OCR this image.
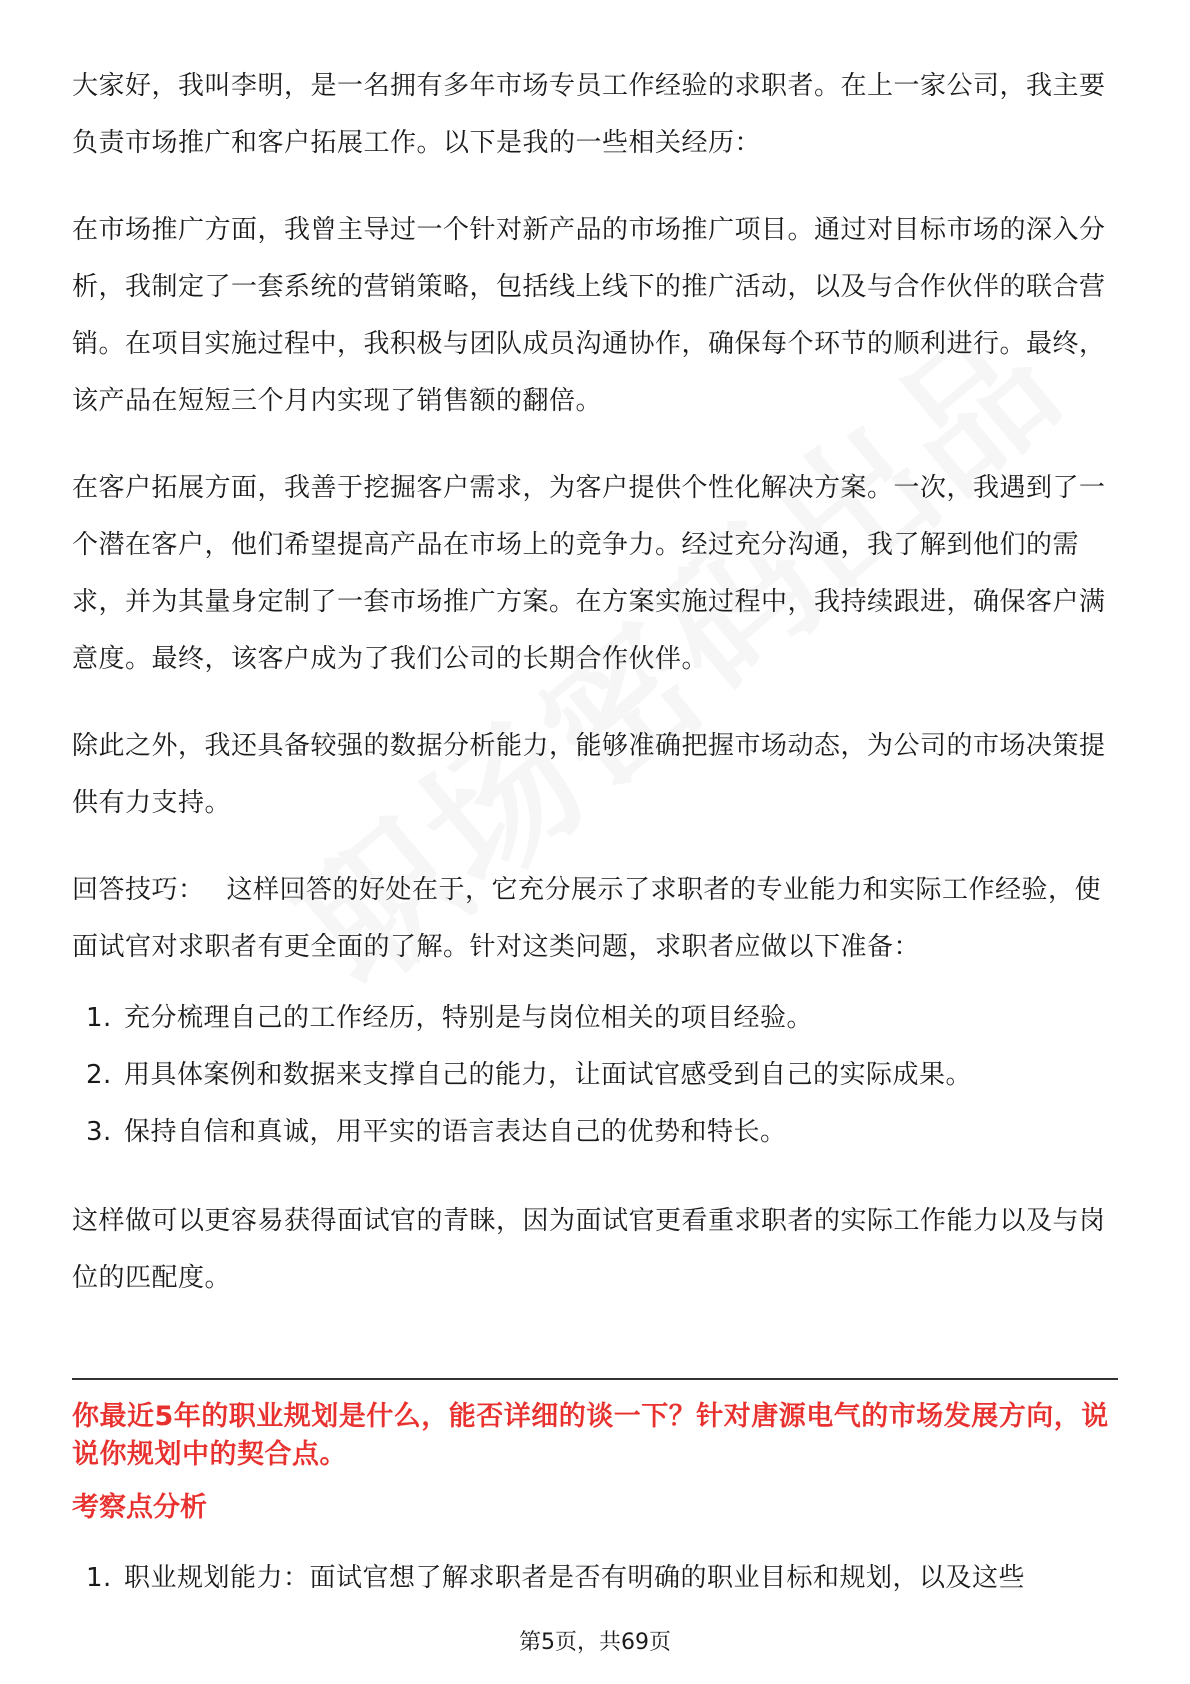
大家好，我叫李明，是一名拥有多年市场专员工作经验的求职者。在上一家公司，我主要负责市场推广和客户拓展工作。以下是我的一些相关经历：

在市场推广方面，我曾主导过一个针对新产品的市场推广项目。通过对目标市场的深入分析，我制定了一套系统的营销策略，包括线上线下的推广活动，以及与合作伙伴的联合营销。在项目实施过程中，我积极与团队成员沟通协作，确保每个环节的顺利进行。最终，该产品在短短三个月内实现了销售额的翻倍。

在客户拓展方面，我善于挖掘客户需求，为客户提供个性化解决方案。一次，我遇到了一个潜在客户，他们希望提高产品在市场上的竞争力。经过充分沟通，我了解到他们的需求，并为其量身定制了一套市场推广方案。在方案实施过程中，我持续跟进，确保客户满意度。最终，该客户成为了我们公司的长期合作伙伴。

除此之外，我还具备较强的数据分析能力，能够准确把握市场动态，为公司的市场决策提供有力支持。

回答技巧： 这样回答的好处在于，它充分展示了求职者的专业能力和实际工作经验，使面试官对求职者有更全面的了解。针对这类问题，求职者应做以下准备：

1. 充分梳理自己的工作经历，特别是与岗位相关的项目经验。
2. 用具体案例和数据来支撑自己的能力，让面试官感受到自己的实际成果。
3. 保持自信和真诚，用平实的语言表达自己的优势和特长。

这样做可以更容易获得面试官的青睐，因为面试官更看重求职者的实际工作能力以及与岗位的匹配度。

你最近5年的职业规划是什么，能否详细的谈一下？针对唐源电气的市场发展方向，说说你规划中的契合点。

考察点分析

1. 职业规划能力：面试官想了解求职者是否有明确的职业目标和规划，以及这些
第5页，共69页
